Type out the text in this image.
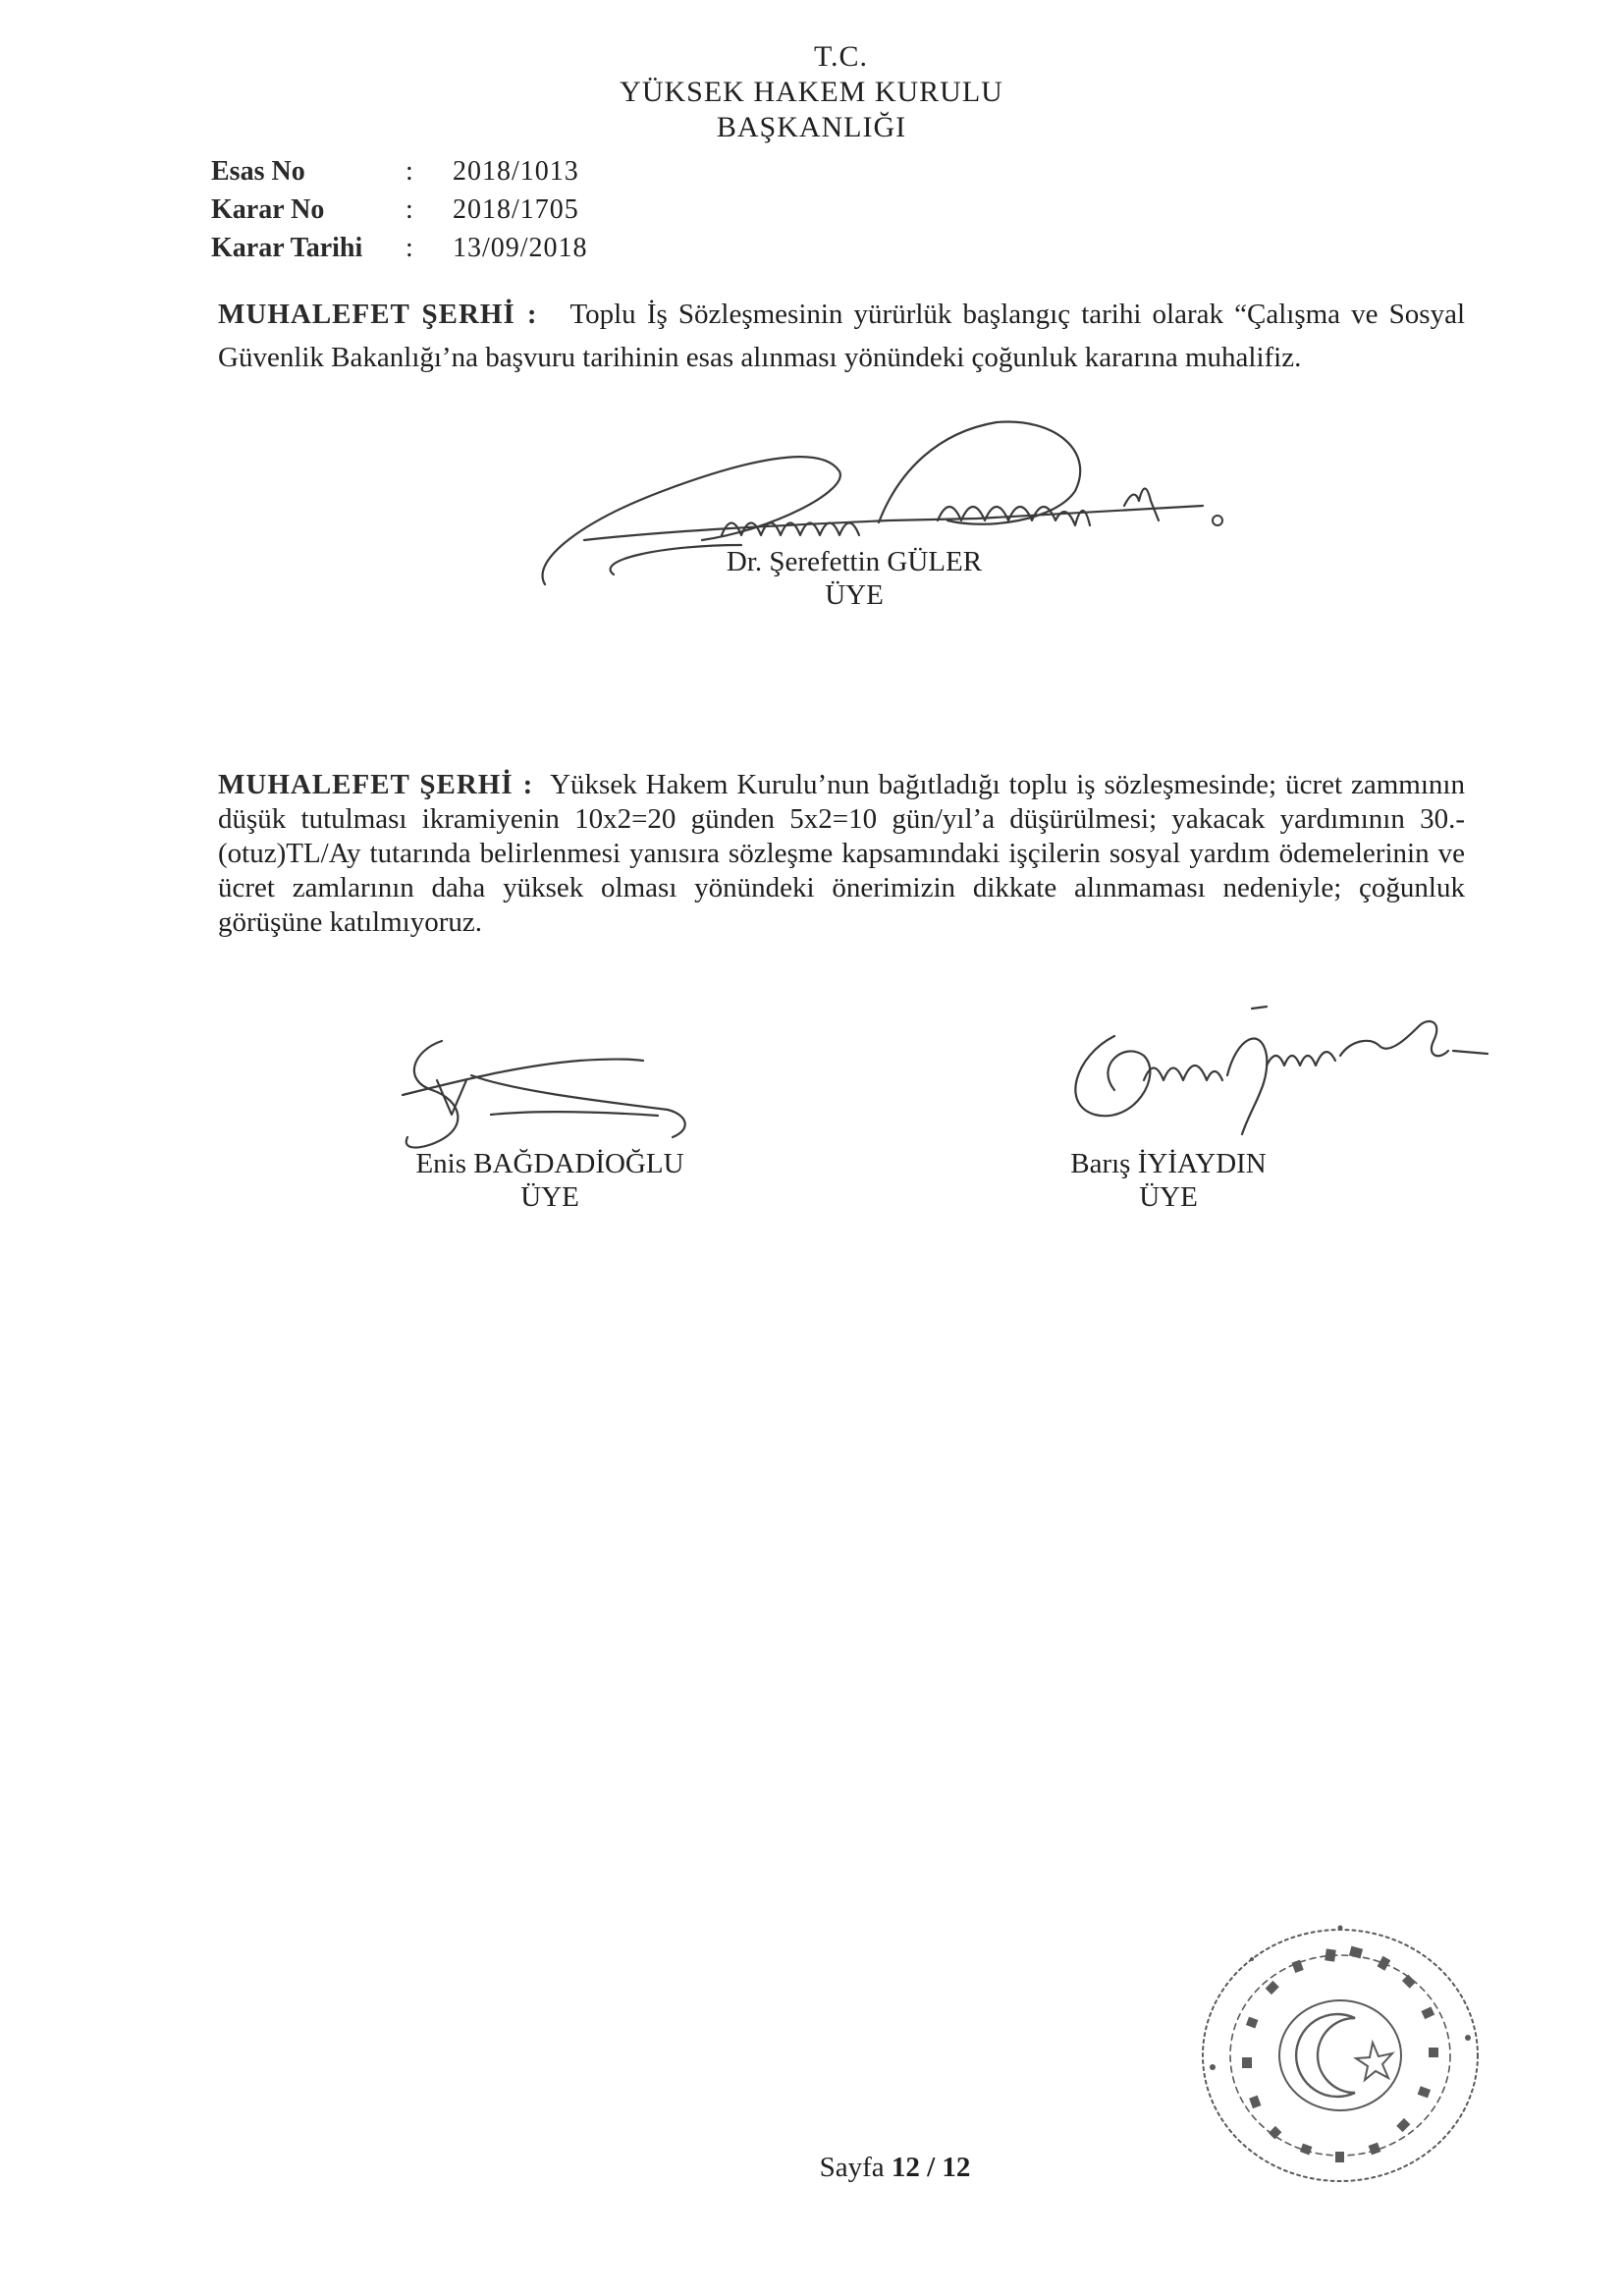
T.C.
YÜKSEK HAKEM KURULU
BAŞKANLIĞI
Esas No	:	2018/1013
Karar No	:	2018/1705
Karar Tarihi	:	13/09/2018
MUHALEFET ŞERHİ : Toplu İş Sözleşmesinin yürürlük başlangıç tarihi olarak “Çalışma ve Sosyal Güvenlik Bakanlığı’na başvuru tarihinin esas alınması yönündeki çoğunluk kararına muhalifiz.
Dr. Şerefettin GÜLER
ÜYE
MUHALEFET ŞERHİ : Yüksek Hakem Kurulu’nun bağıtladığı toplu iş sözleşmesinde; ücret zammının düşük tutulması ikramiyenin 10x2=20 günden 5x2=10 gün/yıl’a düşürülmesi; yakacak yardımının 30.-(otuz)TL/Ay tutarında belirlenmesi yanısıra sözleşme kapsamındaki işçilerin sosyal yardım ödemelerinin ve ücret zamlarının daha yüksek olması yönündeki önerimizin dikkate alınmaması nedeniyle; çoğunluk görüşüne katılmıyoruz.
Enis BAĞDADİOĞLU
ÜYE
Barış İYİAYDIN
ÜYE
Sayfa 12 / 12
